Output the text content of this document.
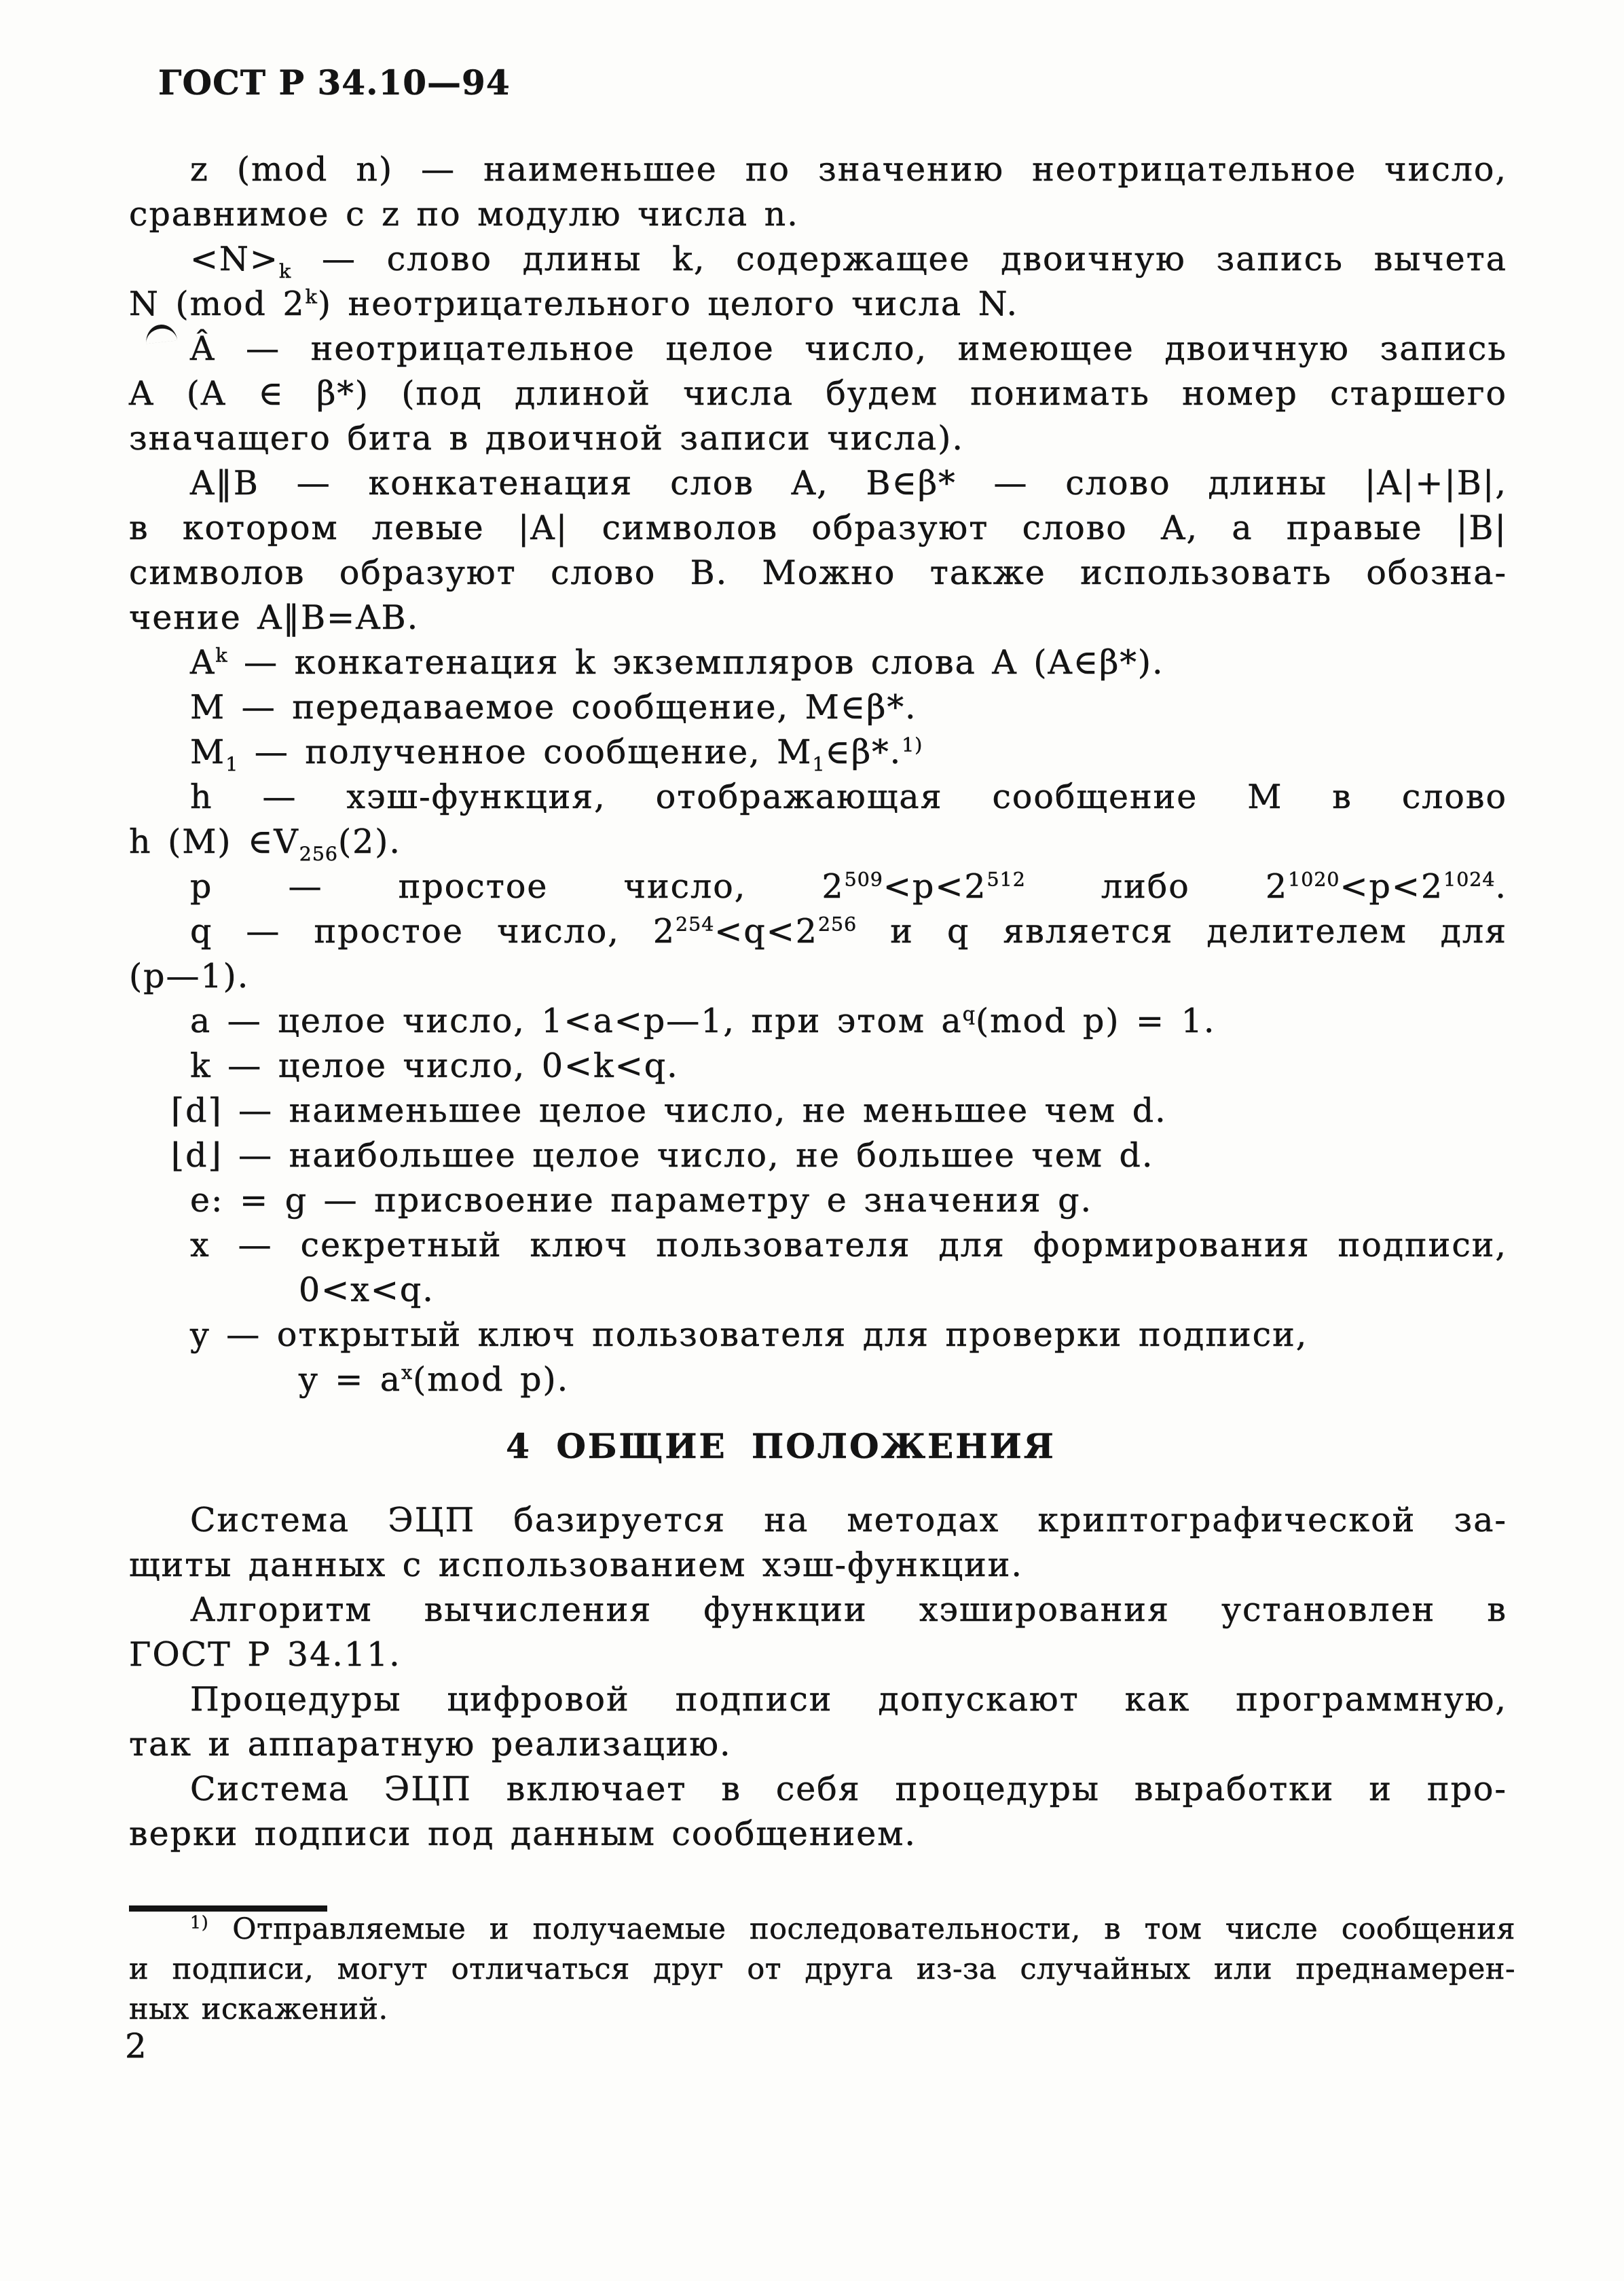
ГОСТ Р 34.10—94
z (mod n) — наименьшее по значению неотрицательное число,
сравнимое с z по модулю числа n.
$<N>_k$ — слово длины k, содержащее двоичную запись вычета
N (mod 2$^k$) неотрицательного целого числа N.
Â — неотрицательное целое число, имеющее двоичную запись
A (A ∈ β*) (под длиной числа будем понимать номер старшего
значащего бита в двоичной записи числа).
A‖B — конкатенация слов A, B∈β* — слово длины |A|+|B|,
в котором левые |A| символов образуют слово A, а правые |B|
символов образуют слово B. Можно также использовать обозна-
чение A‖B=AB.
$A^k$ — конкатенация k экземпляров слова A (A∈β*).
M — передаваемое сообщение, M∈β*.
$M_1$ — полученное сообщение, $M_1\in\beta*.^{1)}$
h — хэш-функция, отображающая сообщение M в слово
h (M) $\in V_{256}(2)$.
p — простое число, $2^{509}<p<2^{512}$ либо $2^{1020}<p<2^{1024}$.
q — простое число, $2^{254}<q<2^{256}$ и q является делителем для
(p—1).
a — целое число, 1<a<p—1, при этом $a^q(mod$ p) = 1.
k — целое число, 0<k<q.
⌈d⌉ — наименьшее целое число, не меньшее чем d.
⌊d⌋ — наибольшее целое число, не большее чем d.
e: = g — присвоение параметру e значения g.
x — секретный ключ пользователя для формирования подписи,
0<x<q.
y — открытый ключ пользователя для проверки подписи,
$y = a^x(mod$ p).
4 ОБЩИЕ ПОЛОЖЕНИЯ
Система ЭЦП базируется на методах криптографической за-
щиты данных с использованием хэш-функции.
Алгоритм вычисления функции хэширования установлен в
ГОСТ Р 34.11.
Процедуры цифровой подписи допускают как программную,
так и аппаратную реализацию.
Система ЭЦП включает в себя процедуры выработки и про-
верки подписи под данным сообщением.
$^{1)}$ Отправляемые и получаемые последовательности, в том числе сообщения
и подписи, могут отличаться друг от друга из-за случайных или преднамерен-
ных искажений.
2
